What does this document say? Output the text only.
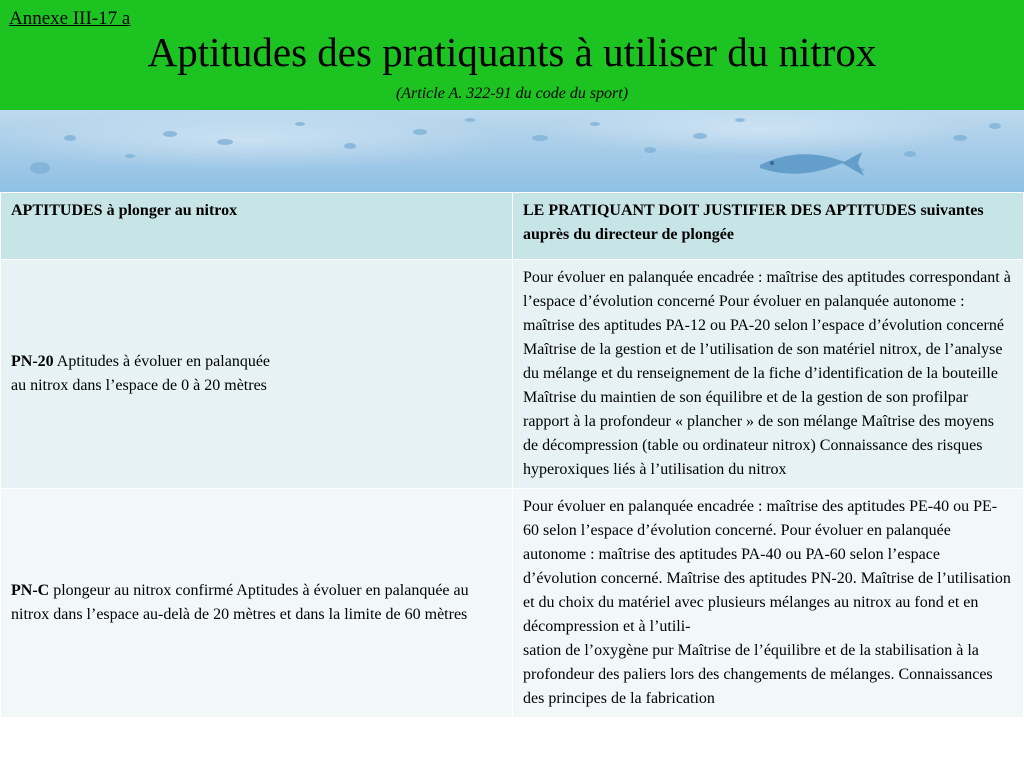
Annexe III-17 a
Aptitudes des pratiquants à utiliser du nitrox
(Article A. 322-91 du code du sport)
APTITUDES à plonger au nitrox	LE PRATIQUANT DOIT JUSTIFIER DES APTITUDES suivantes auprès du directeur de plongée
PN-20 Aptitudes à évoluer en palanquée
au nitrox dans l’espace de 0 à 20 mètres	Pour évoluer en palanquée encadrée : maîtrise des aptitudes correspondant à l’espace d’évolution concerné Pour évoluer en palanquée autonome : maîtrise des aptitudes PA-12 ou PA-20 selon l’espace d’évolution concerné Maîtrise de la gestion et de l’utilisation de son matériel nitrox, de l’analyse du mélange et du renseignement de la fiche d’identification de la bouteille Maîtrise du maintien de son équilibre et de la gestion de son profilpar rapport à la profondeur « plancher » de son mélange Maîtrise des moyens de décompression (table ou ordinateur nitrox) Connaissance des risques hyperoxiques liés à l’utilisation du nitrox
PN-C plongeur au nitrox confirmé Aptitudes à évoluer en palanquée au nitrox dans l’espace au-delà de 20 mètres et dans la limite de 60 mètres	Pour évoluer en palanquée encadrée : maîtrise des aptitudes PE-40 ou PE-60 selon l’espace d’évolution concerné. Pour évoluer en palanquée autonome : maîtrise des aptitudes PA-40 ou PA-60 selon l’espace d’évolution concerné. Maîtrise des aptitudes PN-20. Maîtrise de l’utilisation et du choix du matériel avec plusieurs mélanges au nitrox au fond et en décompression et à l’utili-
sation de l’oxygène pur Maîtrise de l’équilibre et de la stabilisation à la profondeur des paliers lors des changements de mélanges. Connaissances des principes de la fabrication
